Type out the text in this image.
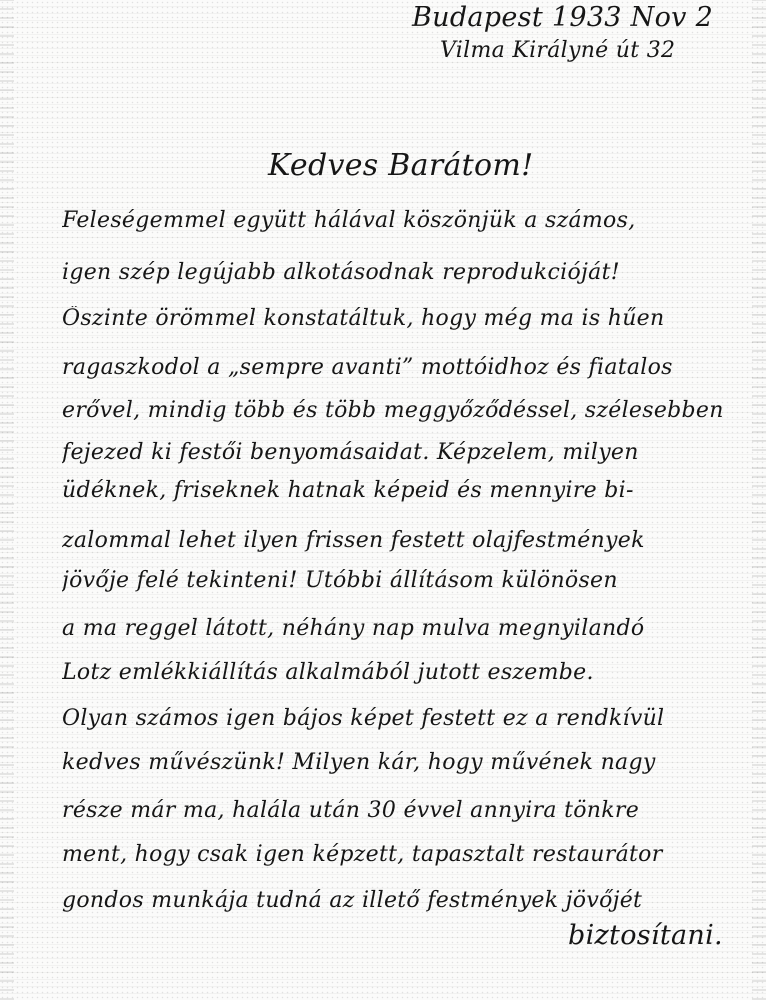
Budapest 1933 Nov 2
Vilma Királyné út 32
Kedves Barátom!
Feleségemmel együtt hálával köszönjük a számos,
igen szép legújabb alkotásodnak reprodukcióját!
Őszinte örömmel konstatáltuk, hogy még ma is hűen
ragaszkodol a „sempre avanti” mottóidhoz és fiatalos
erővel, mindig több és több meggyőződéssel, szélesebben
fejezed ki festői benyomásaidat. Képzelem, milyen
üdéknek, friseknek hatnak képeid és mennyire bi-
zalommal lehet ilyen frissen festett olajfestmények
jövője felé tekinteni! Utóbbi állításom különösen
a ma reggel látott, néhány nap mulva megnyilandó
Lotz emlékkiállítás alkalmából jutott eszembe.
Olyan számos igen bájos képet festett ez a rendkívül
kedves művészünk! Milyen kár, hogy művének nagy
része már ma, halála után 30 évvel annyira tönkre
ment, hogy csak igen képzett, tapasztalt restaurátor
gondos munkája tudná az illető festmények jövőjét
biztosítani.
